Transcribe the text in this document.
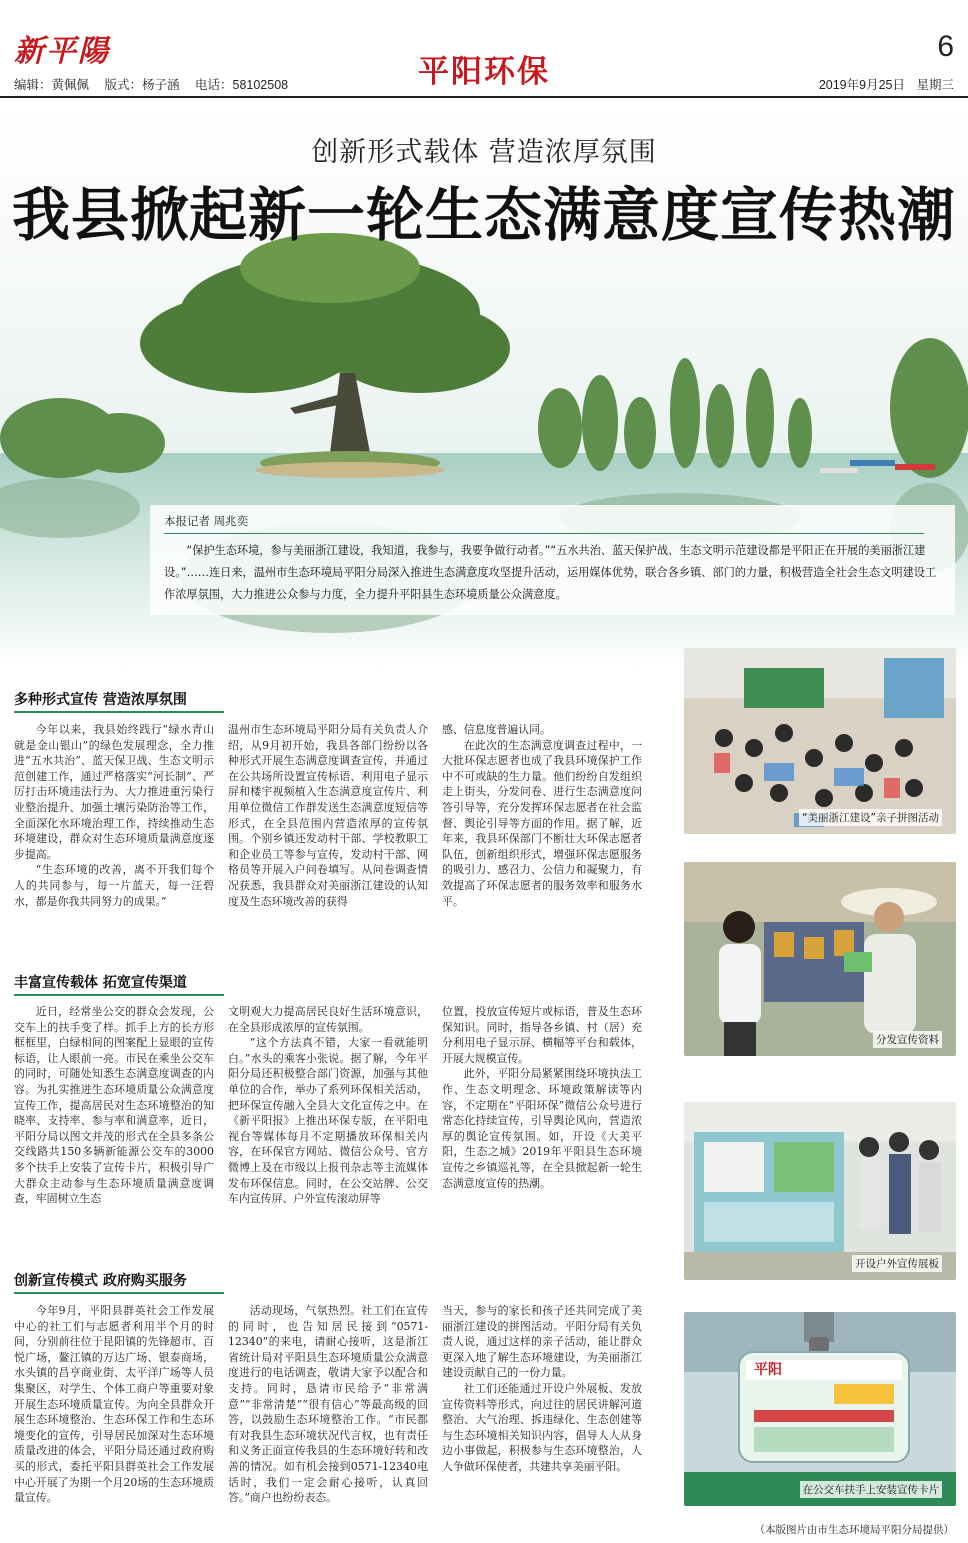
新平陽
编辑：黄佩佩 版式：杨子涵 电话：58102508	平阳环保
6
2019年9月25日 星期三
创新形式载体 营造浓厚氛围
我县掀起新一轮生态满意度宣传热潮
本报记者 周兆奕
“保护生态环境，参与美丽浙江建设，我知道，我参与，我要争做行动者。”“五水共治、蓝天保护战、生态文明示范建设都是平阳正在开展的美丽浙江建设。”……连日来，温州市生态环境局平阳分局深入推进生态满意度攻坚提升活动，运用媒体优势，联合各乡镇、部门的力量，积极营造全社会生态文明建设工作浓厚氛围，大力推进公众参与力度，全力提升平阳县生态环境质量公众满意度。
多种形式宣传 营造浓厚氛围

今年以来，我县始终践行“绿水青山就是金山银山”的绿色发展理念，全力推进“五水共治”、蓝天保卫战、生态文明示范创建工作，通过严格落实“河长制”、严厉打击环境违法行为、大力推进重污染行业整治提升、加强土壤污染防治等工作，全面深化水环境治理工作，持续推动生态环境建设，群众对生态环境质量满意度逐步提高。

“生态环境的改善，离不开我们每个人的共同参与，每一片蓝天，每一汪碧水，都是你我共同努力的成果。”

温州市生态环境局平阳分局有关负责人介绍，从9月初开始，我县各部门纷纷以各种形式开展生态满意度调查宣传，并通过在公共场所设置宣传标语、利用电子显示屏和楼宇视频植入生态满意度宣传片、利用单位微信工作群发送生态满意度短信等形式，在全县范围内营造浓厚的宣传氛围。个别乡镇还发动村干部、学校教职工和企业员工等参与宣传，发动村干部、网格员等开展入户问卷填写。从问卷调查情况获悉，我县群众对美丽浙江建设的认知度及生态环境改善的获得

感、信息度普遍认同。

在此次的生态满意度调查过程中，一大批环保志愿者也成了我县环境保护工作中不可或缺的生力量。他们纷纷自发组织走上街头，分发问卷、进行生态满意度问答引导等，充分发挥环保志愿者在社会监督、舆论引导等方面的作用。据了解，近年来，我县环保部门不断壮大环保志愿者队伍，创新组织形式，增强环保志愿服务的吸引力、感召力、公信力和凝聚力，有效提高了环保志愿者的服务效率和服务水平。

丰富宣传载体 拓宽宣传渠道

近日，经常坐公交的群众会发现，公交车上的扶手变了样。抓手上方的长方形框框里，白绿相间的图案配上显眼的宣传标语，让人眼前一亮。市民在乘坐公交车的同时，可随处知悉生态满意度调查的内容。为扎实推进生态环境质量公众满意度宣传工作，提高居民对生态环境整治的知晓率、支持率、参与率和满意率，近日，平阳分局以图文并茂的形式在全县多条公交线路共150多辆新能源公交车的3000多个扶手上安装了宣传卡片，积极引导广大群众主动参与生态环境质量满意度调查，牢固树立生态

文明观大力提高居民良好生活环境意识，在全县形成浓厚的宣传氛围。

“这个方法真不错，大家一看就能明白。”水头的乘客小张说。据了解，今年平阳分局还积极整合部门资源，加强与其他单位的合作，举办了系列环保相关活动，把环保宣传融入全县大文化宣传之中。在《新平阳报》上推出环保专版，在平阳电视台等媒体每月不定期播放环保相关内容，在环保官方网站、微信公众号、官方微博上及在市级以上报刊杂志等主流媒体发布环保信息。同时，在公交站牌、公交车内宣传屏、户外宣传滚动屏等

位置，投放宣传短片或标语，普及生态环保知识。同时，指导各乡镇、村（居）充分利用电子显示屏、横幅等平台和载体，开展大规模宣传。

此外，平阳分局紧紧围绕环境执法工作、生态文明理念、环境政策解读等内容，不定期在“平阳环保”微信公众号进行常态化持续宣传，引导舆论风向，营造浓厚的舆论宣传氛围。如，开设《大美平阳，生态之城》2019年平阳县生态环境宣传之乡镇巡礼等，在全县掀起新一轮生态满意度宣传的热潮。

创新宣传模式 政府购买服务

今年9月，平阳县群英社会工作发展中心的社工们与志愿者利用半个月的时间，分别前往位于昆阳镇的先锋超市、百悦广场，鳌江镇的万达广场、银泰商场，水头镇的昌亨商业街、太平洋广场等人员集聚区，对学生、个体工商户等重要对象开展生态环境质量宣传。为向全县群众开展生态环境整治、生态环保工作和生态环境变化的宣传，引导居民加深对生态环境质量改进的体会，平阳分局还通过政府购买的形式，委托平阳县群英社会工作发展中心开展了为期一个月20场的生态环境质量宣传。

活动现场，气氛热烈。社工们在宣传的同时，也告知居民接到“0571-12340”的来电，请耐心接听，这是浙江省统计局对平阳县生态环境质量公众满意度进行的电话调查，敬请大家予以配合和支持。同时，恳请市民给予“非常满意”“非常清楚”“很有信心”等最高级的回答，以鼓励生态环境整治工作。“市民都有对我县生态环境状况代言权，也有责任和义务正面宣传我县的生态环境好转和改善的情况。如有机会接到0571-12340电话时，我们一定会耐心接听，认真回答。”商户也纷纷表态。

当天，参与的家长和孩子还共同完成了美丽浙江建设的拼图活动。平阳分局有关负责人说，通过这样的亲子活动，能让群众更深入地了解生态环境建设，为美丽浙江建设贡献自己的一份力量。

社工们还能通过开设户外展板、发放宣传资料等形式，向过往的居民讲解河道整治、大气治理、拆违绿化、生态创建等与生态环境相关知识内容，倡导人人从身边小事做起，积极参与生态环境整治，人人争做环保使者，共建共享美丽平阳。

“美丽浙江建设”亲子拼图活动
分发宣传资料
开设户外宣传展板
平阳
在公交车扶手上安装宣传卡片
（本版图片由市生态环境局平阳分局提供）
